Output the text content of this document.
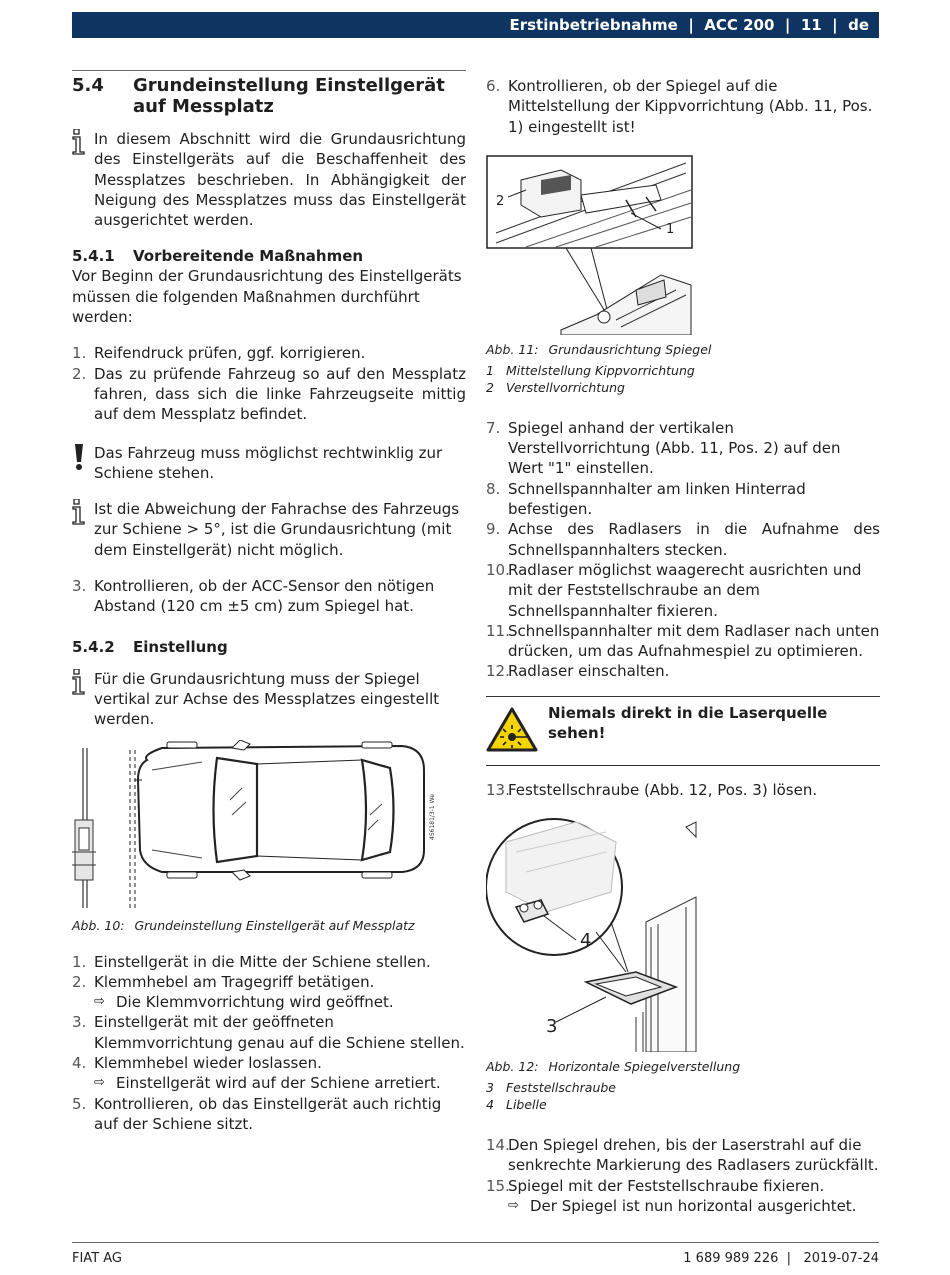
Erstinbetriebnahme
|
ACC 200
|
11
|
de
5.4	Grundeinstellung Einstellgerät auf Messplatz

In diesem Abschnitt wird die Grundausrichtung des Einstellgeräts auf die Beschaffenheit des Messplatzes beschrieben. In Abhängigkeit der Neigung des Messplatzes muss das Einstellgerät ausgerichtet werden.

5.4.1	Vorbereitende Maßnahmen

Vor Beginn der Grundausrichtung des Einstellgeräts müssen die folgenden Maßnahmen durchführt werden:

1. Reifendruck prüfen, ggf. korrigieren.
2. Das zu prüfende Fahrzeug so auf den Messplatz fahren, dass sich die linke Fahrzeugseite mittig auf dem Messplatz befindet.

Das Fahrzeug muss möglichst rechtwinklig zur Schiene stehen.

Ist die Abweichung der Fahrachse des Fahrzeugs zur Schiene > 5°, ist die Grundausrichtung (mit dem Einstellgerät) nicht möglich.

3. Kontrollieren, ob der ACC-Sensor den nötigen Abstand (120 cm ±5 cm) zum Spiegel hat.
5.4.2	Einstellung

Für die Grundausrichtung muss der Spiegel vertikal zur Achse des Messplatzes eingestellt werden.

456181/3-1 We
Abb. 10: Grundeinstellung Einstellgerät auf Messplatz
1. Einstellgerät in die Mitte der Schiene stellen.
2. Klemmhebel am Tragegriff betätigen.
⇨ Die Klemmvorrichtung wird geöffnet.
3. Einstellgerät mit der geöffneten Klemmvorrichtung genau auf die Schiene stellen.
4. Klemmhebel wieder loslassen.
⇨ Einstellgerät wird auf der Schiene arretiert.
5. Kontrollieren, ob das Einstellgerät auch richtig auf der Schiene sitzt.
6. Kontrollieren, ob der Spiegel auf die Mittelstellung der Kippvorrichtung (Abb. 11, Pos. 1) eingestellt ist!
1
2
Abb. 11: Grundausrichtung Spiegel
1 Mittelstellung Kippvorrichtung
2 Verstellvorrichtung
7. Spiegel anhand der vertikalen Verstellvorrichtung (Abb. 11, Pos. 2) auf den Wert "1" einstellen.
8. Schnellspannhalter am linken Hinterrad befestigen.
9. Achse des Radlasers in die Aufnahme des Schnellspannhalters stecken.
10.
Radlaser möglichst waagerecht ausrichten und mit der Feststellschraube an dem Schnellspannhalter fixieren.
11.
Schnellspannhalter mit dem Radlaser nach unten drücken, um das Aufnahmespiel zu optimieren.
12.
Radlaser einschalten.
Niemals direkt in die Laserquelle sehen!
13.
Feststellschraube (Abb. 12, Pos. 3) lösen.
4
3
Abb. 12: Horizontale Spiegelverstellung
3 Feststellschraube
4 Libelle
14.
Den Spiegel drehen, bis der Laserstrahl auf die senkrechte Markierung des Radlasers zurückfällt.
15.
Spiegel mit der Feststellschraube fixieren.
⇨ Der Spiegel ist nun horizontal ausgerichtet.
FIAT AG	1 689 989 226 | 2019-07-24
